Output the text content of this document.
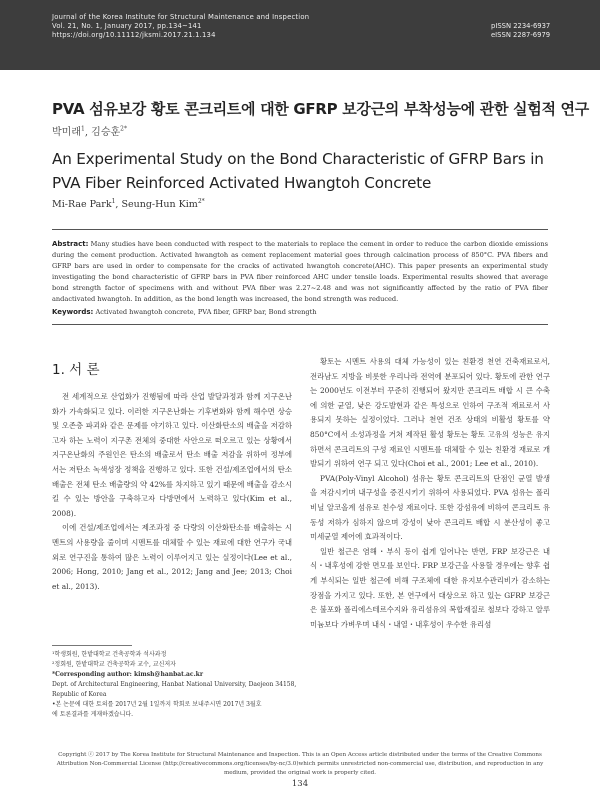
Journal of the Korea Institute for Structural Maintenance and Inspection
Vol. 21, No. 1, January 2017, pp.134~141
https://doi.org/10.11112/jksmi.2017.21.1.134
pISSN 2234-6937
eISSN 2287-6979
PVA 섬유보강 황토 콘크리트에 대한 GFRP 보강근의 부착성능에 관한 실험적 연구
박미래$^1$, 김승훈$^{2*}$
An Experimental Study on the Bond Characteristic of GFRP Bars in PVA Fiber Reinforced Activated Hwangtoh Concrete
Mi-Rae Park$^1$, Seung-Hun Kim$^{2*}$
Abstract: Many studies have been conducted with respect to the materials to replace the cement in order to reduce the carbon dioxide emissions during the cement production. Activated hwangtoh as cement replacement material goes through calcination process of 850°C. PVA fibers and GFRP bars are used in order to compensate for the cracks of activated hwangtoh concrete(AHC). This paper presents an experimental study investigating the bond characteristic of GFRP bars in PVA fiber reinforced AHC under tensile loads. Experimental results showed that average bond strength factor of specimens with and without PVA fiber was 2.27~2.48 and was not significantly affected by the ratio of PVA fiber andactivated hwangtoh. In addition, as the bond length was increased, the bond strength was reduced.
Keywords: Activated hwangtoh concrete, PVA fiber, GFRP bar, Bond strength
1. 서 론

전 세계적으로 산업화가 진행됨에 따라 산업 발달과정과 함께 지구온난화가 가속화되고 있다. 이러한 지구온난화는 기후변화와 함께 해수면 상승 및 오존층 파괴와 같은 문제를 야기하고 있다. 이산화탄소의 배출을 저감하고자 하는 노력이 지구촌 전체의 중대한 사안으로 떠오르고 있는 상황에서 지구온난화의 주원인은 탄소의 배출로서 탄소 배출 저감을 위하여 정부에서는 저탄소 녹색성장 정책을 진행하고 있다. 또한 건설/제조업에서의 탄소 배출은 전체 탄소 배출량의 약 42%를 차지하고 있기 때문에 배출을 감소시킬 수 있는 방안을 구축하고자 다방면에서 노력하고 있다(Kim et al., 2008).

이에 건설/제조업에서는 제조과정 중 다량의 이산화탄소를 배출하는 시멘트의 사용량을 줄이며 시멘트를 대체할 수 있는 재료에 대한 연구가 국내외로 연구진을 통하여 많은 노력이 이루어지고 있는 실정이다(Lee et al., 2006; Hong, 2010; Jang et al., 2012; Jang and Jee; 2013; Choi et al., 2013).

황토는 시멘트 사용의 대체 가능성이 있는 친환경 천연 건축재료로서, 전라남도 지방을 비롯한 우리나라 전역에 분포되어 있다. 황토에 관한 연구는 2000년도 이전부터 꾸준히 진행되어 왔지만 콘크리트 배합 시 큰 수축에 의한 균열, 낮은 강도발현과 같은 특성으로 인하여 구조적 재료로서 사용되지 못하는 실정이었다. 그러나 천연 건조 상태의 비활성 황토를 약 850°C에서 소성과정을 거쳐 제작된 활성 황토는 황토 고유의 성능은 유지하면서 콘크리트의 구성 재료인 시멘트를 대체할 수 있는 친환경 재료로 개발되기 위하여 연구 되고 있다(Choi et al., 2001; Lee et al., 2010).

PVA(Poly-Vinyl Alcohol) 섬유는 황토 콘크리트의 단점인 균열 발생을 저감시키며 내구성을 증진시키기 위하여 사용되었다. PVA 섬유는 폴리비닐 알코올계 섬유로 친수성 재료이다. 또한 강섬유에 비하여 콘크리트 유동성 저하가 심하지 않으며 강성이 낮아 콘크리트 배합 시 분산성이 좋고 미세균열 제어에 효과적이다.

일반 철근은 염해・부식 등이 쉽게 일어나는 반면, FRP 보강근은 내식・내후성에 강한 면모를 보인다. FRP 보강근을 사용할 경우에는 향후 쉽게 부식되는 일반 철근에 비해 구조체에 대한 유지보수관리비가 감소하는 장점을 가지고 있다. 또한, 본 연구에서 대상으로 하고 있는 GFRP 보강근은 불포화 폴리에스테르수지와 유리섬유의 복합재질로 철보다 강하고 알루미늄보다 가벼우며 내식・내열・내후성이 우수한 유리섬

¹학생회원, 한밭대학교 건축공학과 석사과정
²정회원, 한밭대학교 건축공학과 교수, 교신저자
*Corresponding author: kimsh@hanbat.ac.kr
Dept. of Architectural Engineering, Hanbat National University, Daejeon 34158,
Republic of Korea
•본 논문에 대한 토의를 2017년 2월 1일까지 학회로 보내주시면 2017년 3월호
에 토론결과를 게재하겠습니다.
Copyright ⓒ 2017 by The Korea Institute for Structural Maintenance and Inspection. This is an Open Access article distributed under the terms of the Creative Commons Attribution Non-Commercial License (http://creativecommons.org/licenses/by-nc/3.0)which permits unrestricted non-commercial use, distribution, and reproduction in any medium, provided the original work is properly cited.
134
